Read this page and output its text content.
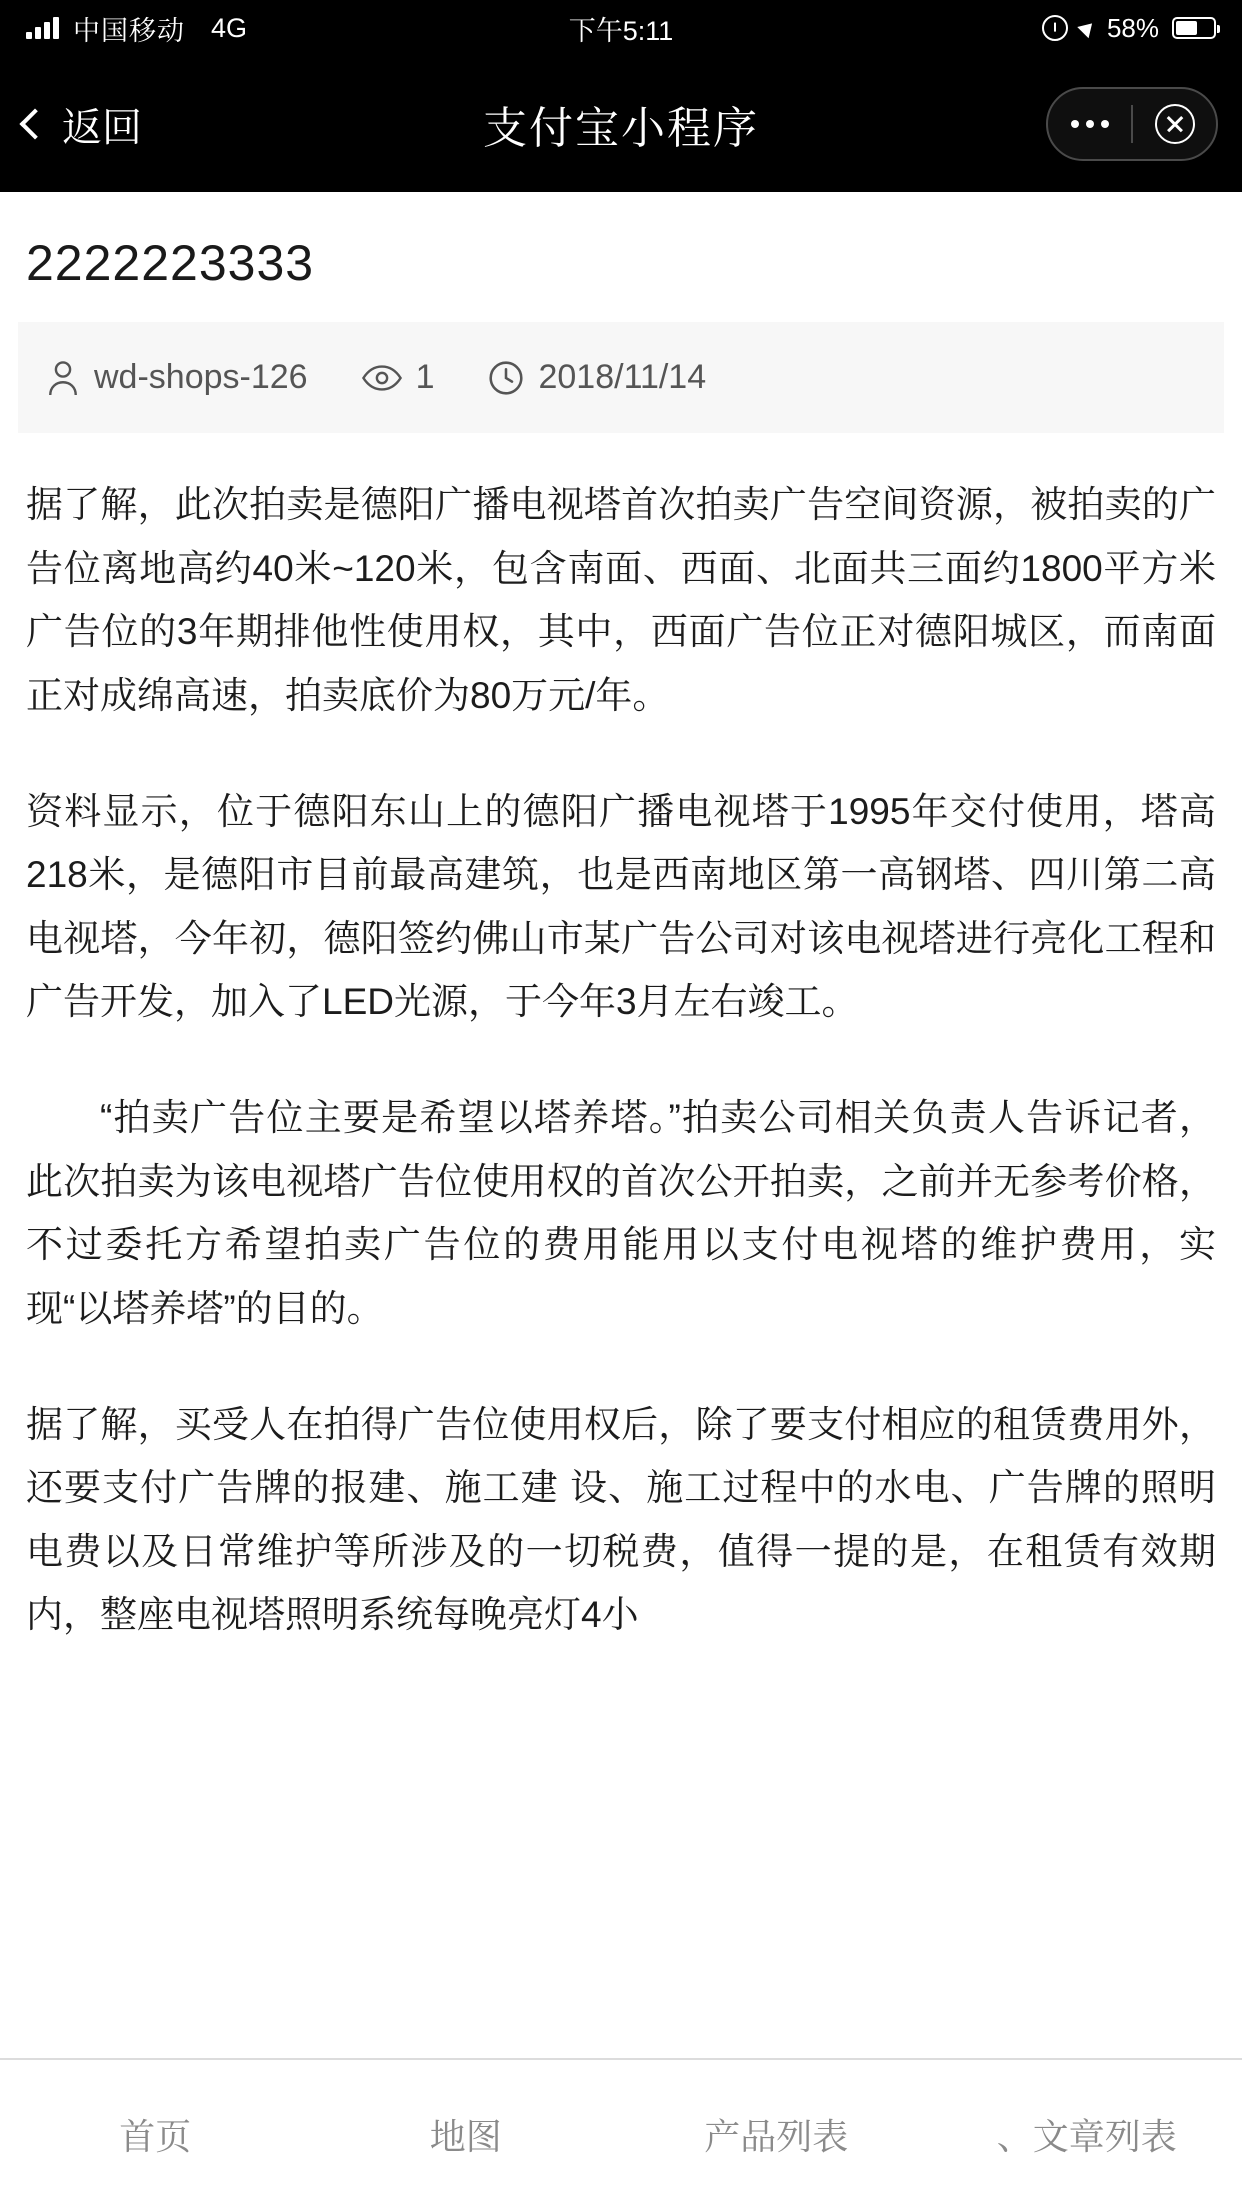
中国移动 4G	下午5:11	58%
返回	支付宝小程序
2222223333
wd-shops-126	1	2018/11/14

据了解，此次拍卖是德阳广播电视塔首次拍卖广告空间资源，被拍卖的广告位离地高约40米~120米，包含南面、西面、北面共三面约1800平方米广告位的3年期排他性使用权，其中，西面广告位正对德阳城区，而南面正对成绵高速，拍卖底价为80万元/年。

资料显示，位于德阳东山上的德阳广播电视塔于1995年交付使用，塔高218米，是德阳市目前最高建筑，也是西南地区第一高钢塔、四川第二高电视塔，今年初，德阳签约佛山市某广告公司对该电视塔进行亮化工程和广告开发，加入了LED光源，于今年3月左右竣工。

“拍卖广告位主要是希望以塔养塔。”拍卖公司相关负责人告诉记者，此次拍卖为该电视塔广告位使用权的首次公开拍卖，之前并无参考价格，不过委托方希望拍卖广告位的费用能用以支付电视塔的维护费用，实现“以塔养塔”的目的。

据了解，买受人在拍得广告位使用权后，除了要支付相应的租赁费用外，还要支付广告牌的报建、施工建 设、施工过程中的水电、广告牌的照明电费以及日常维护等所涉及的一切税费，值得一提的是，在租赁有效期内，整座电视塔照明系统每晚亮灯4小

首页	地图	产品列表	、文章列表
